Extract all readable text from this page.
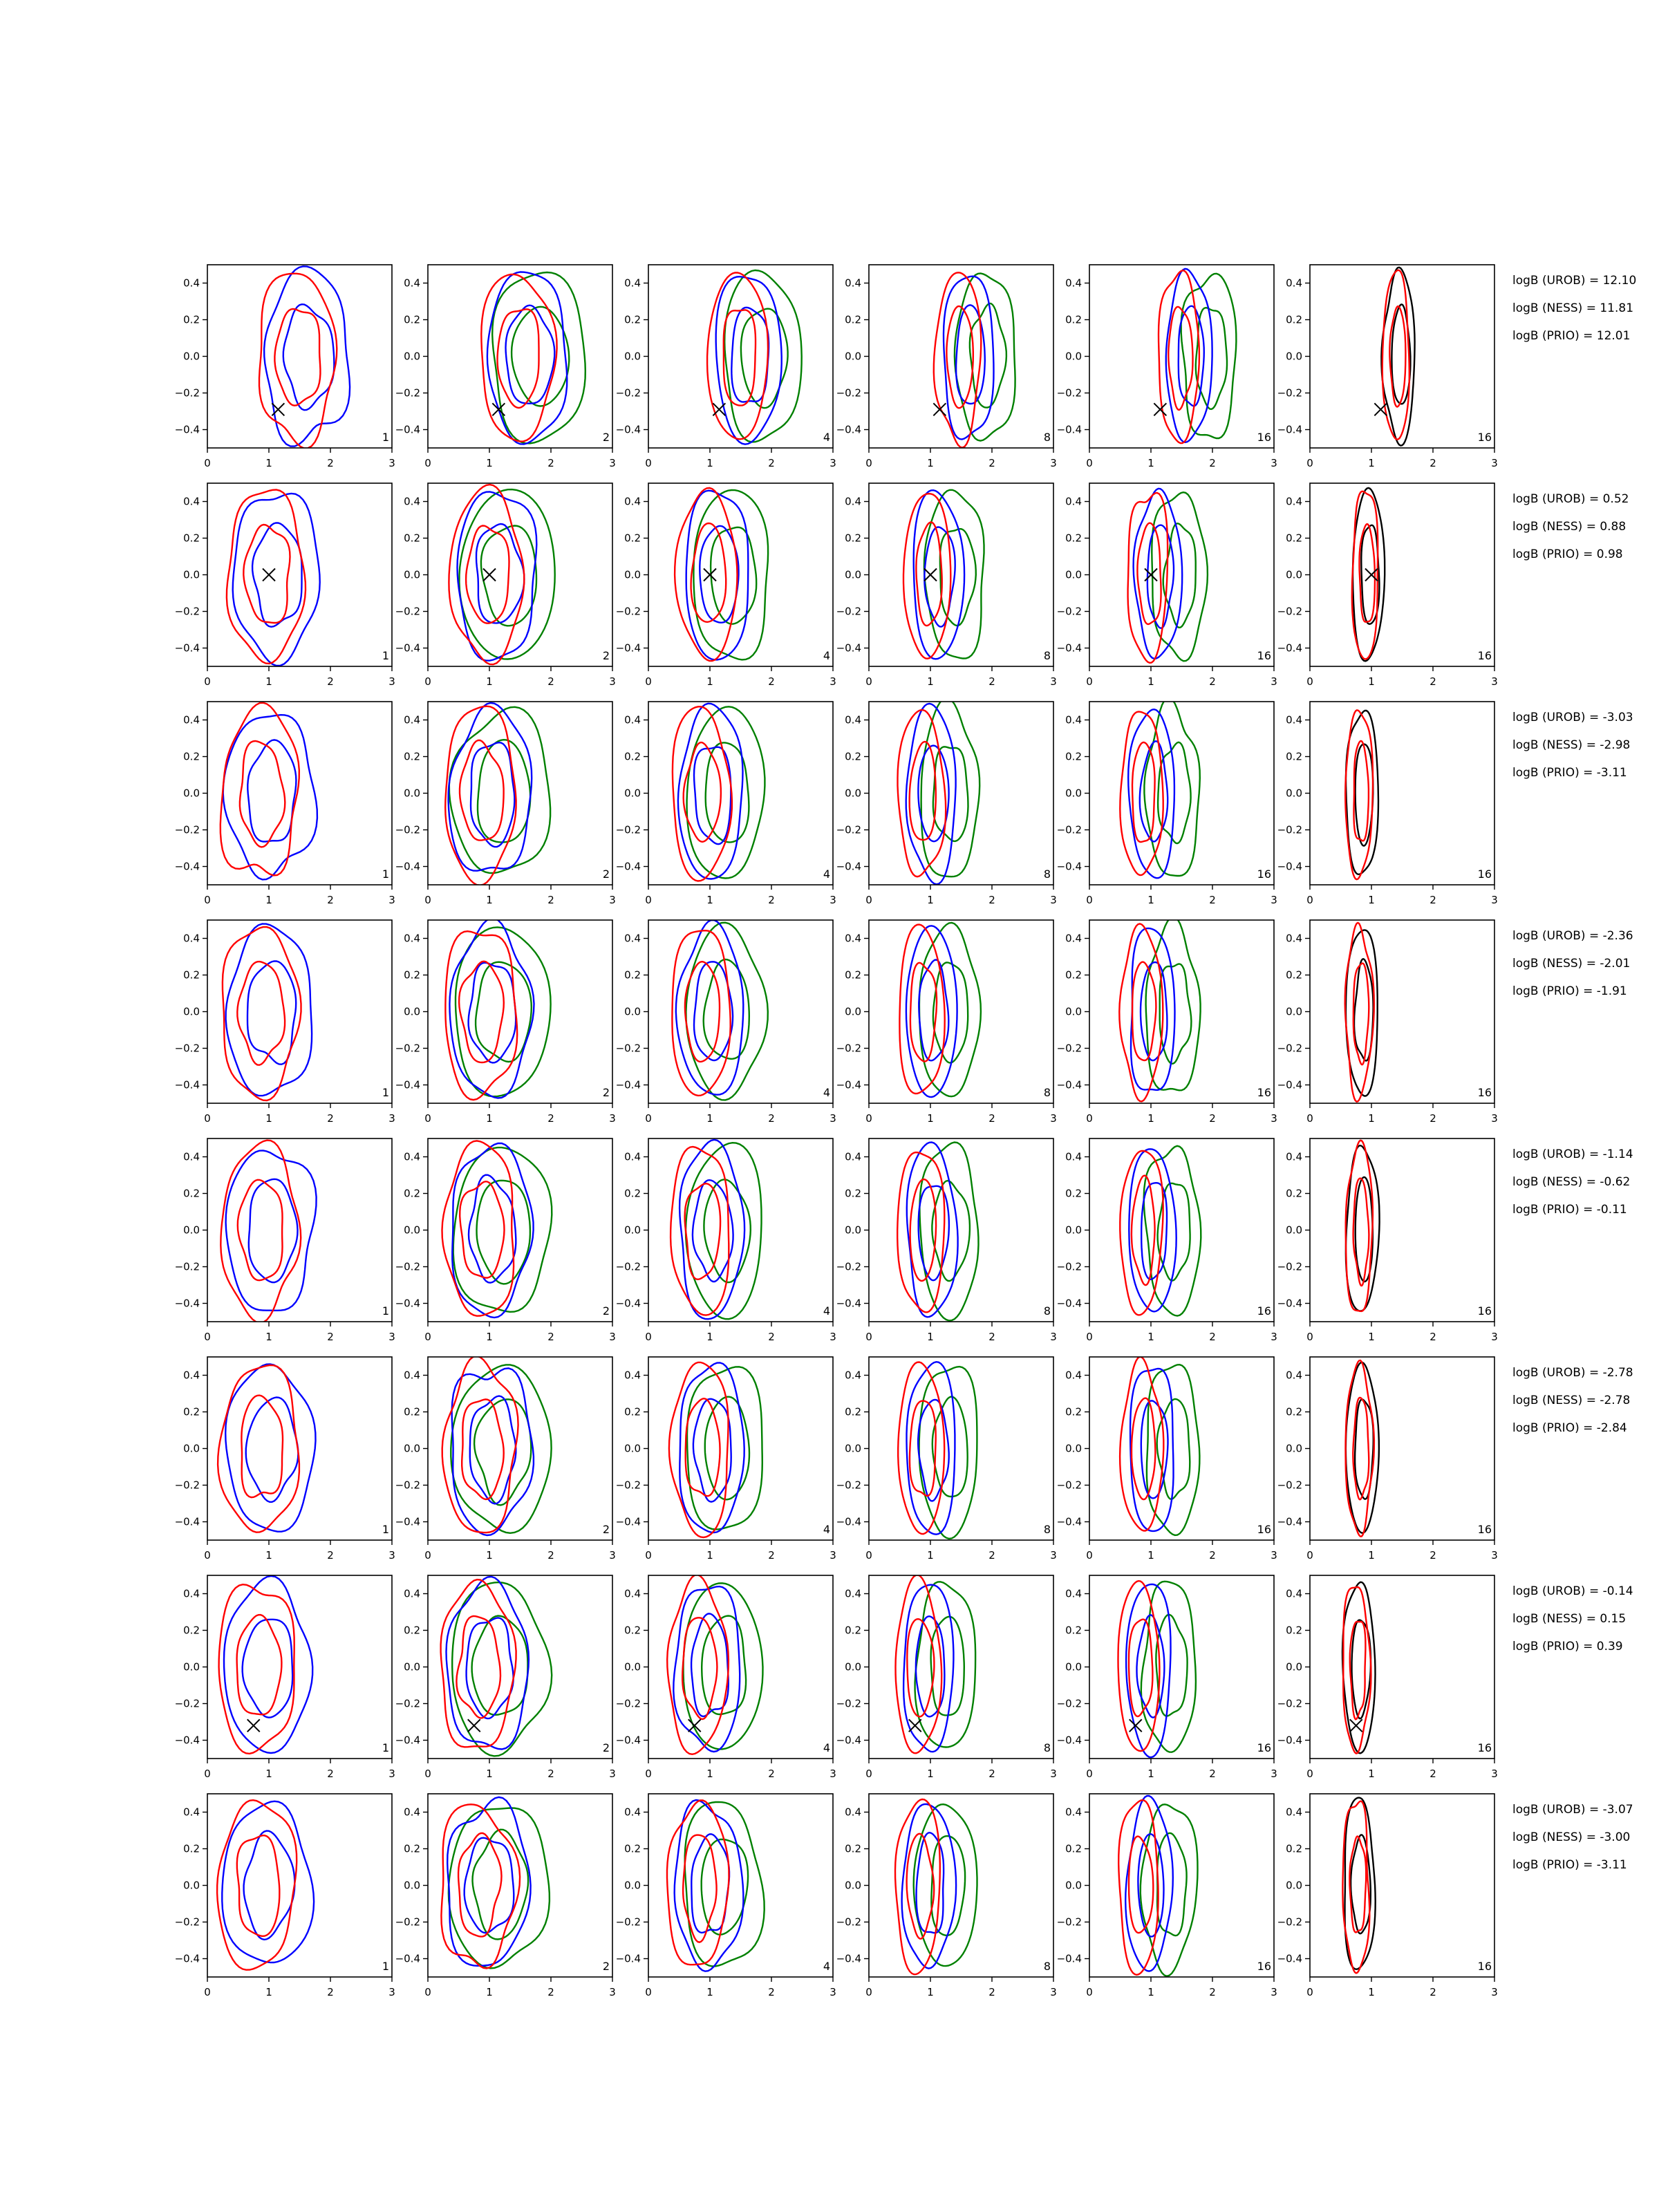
0	1	2	3
−0.4
−0.2
0.0
0.2
0.4
1
0	1	2	3
−0.4
−0.2
0.0
0.2
0.4
2
0	1	2	3
−0.4
−0.2
0.0
0.2
0.4
4
0	1	2	3
−0.4
−0.2
0.0
0.2
0.4
8
0	1	2	3
−0.4
−0.2
0.0
0.2
0.4
16
0	1	2	3
−0.4
−0.2
0.0
0.2
0.4
16
logB (UROB) = 12.10
logB (NESS) = 11.81
logB (PRIO) = 12.01
0	1	2	3
−0.4
−0.2
0.0
0.2
0.4
1
0	1	2	3
−0.4
−0.2
0.0
0.2
0.4
2
0	1	2	3
−0.4
−0.2
0.0
0.2
0.4
4
0	1	2	3
−0.4
−0.2
0.0
0.2
0.4
8
0	1	2	3
−0.4
−0.2
0.0
0.2
0.4
16
0	1	2	3
−0.4
−0.2
0.0
0.2
0.4
16
logB (UROB) = 0.52
logB (NESS) = 0.88
logB (PRIO) = 0.98
0	1	2	3
−0.4
−0.2
0.0
0.2
0.4
1
0	1	2	3
−0.4
−0.2
0.0
0.2
0.4
2
0	1	2	3
−0.4
−0.2
0.0
0.2
0.4
4
0	1	2	3
−0.4
−0.2
0.0
0.2
0.4
8
0	1	2	3
−0.4
−0.2
0.0
0.2
0.4
16
0	1	2	3
−0.4
−0.2
0.0
0.2
0.4
16
logB (UROB) = -3.03
logB (NESS) = -2.98
logB (PRIO) = -3.11
0	1	2	3
−0.4
−0.2
0.0
0.2
0.4
1
0	1	2	3
−0.4
−0.2
0.0
0.2
0.4
2
0	1	2	3
−0.4
−0.2
0.0
0.2
0.4
4
0	1	2	3
−0.4
−0.2
0.0
0.2
0.4
8
0	1	2	3
−0.4
−0.2
0.0
0.2
0.4
16
0	1	2	3
−0.4
−0.2
0.0
0.2
0.4
16
logB (UROB) = -2.36
logB (NESS) = -2.01
logB (PRIO) = -1.91
0	1	2	3
−0.4
−0.2
0.0
0.2
0.4
1
0	1	2	3
−0.4
−0.2
0.0
0.2
0.4
2
0	1	2	3
−0.4
−0.2
0.0
0.2
0.4
4
0	1	2	3
−0.4
−0.2
0.0
0.2
0.4
8
0	1	2	3
−0.4
−0.2
0.0
0.2
0.4
16
0	1	2	3
−0.4
−0.2
0.0
0.2
0.4
16
logB (UROB) = -1.14
logB (NESS) = -0.62
logB (PRIO) = -0.11
0	1	2	3
−0.4
−0.2
0.0
0.2
0.4
1
0	1	2	3
−0.4
−0.2
0.0
0.2
0.4
2
0	1	2	3
−0.4
−0.2
0.0
0.2
0.4
4
0	1	2	3
−0.4
−0.2
0.0
0.2
0.4
8
0	1	2	3
−0.4
−0.2
0.0
0.2
0.4
16
0	1	2	3
−0.4
−0.2
0.0
0.2
0.4
16
logB (UROB) = -2.78
logB (NESS) = -2.78
logB (PRIO) = -2.84
0	1	2	3
−0.4
−0.2
0.0
0.2
0.4
1
0	1	2	3
−0.4
−0.2
0.0
0.2
0.4
2
0	1	2	3
−0.4
−0.2
0.0
0.2
0.4
4
0	1	2	3
−0.4
−0.2
0.0
0.2
0.4
8
0	1	2	3
−0.4
−0.2
0.0
0.2
0.4
16
0	1	2	3
−0.4
−0.2
0.0
0.2
0.4
16
logB (UROB) = -0.14
logB (NESS) = 0.15
logB (PRIO) = 0.39
0	1	2	3
−0.4
−0.2
0.0
0.2
0.4
1
0	1	2	3
−0.4
−0.2
0.0
0.2
0.4
2
0	1	2	3
−0.4
−0.2
0.0
0.2
0.4
4
0	1	2	3
−0.4
−0.2
0.0
0.2
0.4
8
0	1	2	3
−0.4
−0.2
0.0
0.2
0.4
16
0	1	2	3
−0.4
−0.2
0.0
0.2
0.4
16
logB (UROB) = -3.07
logB (NESS) = -3.00
logB (PRIO) = -3.11
